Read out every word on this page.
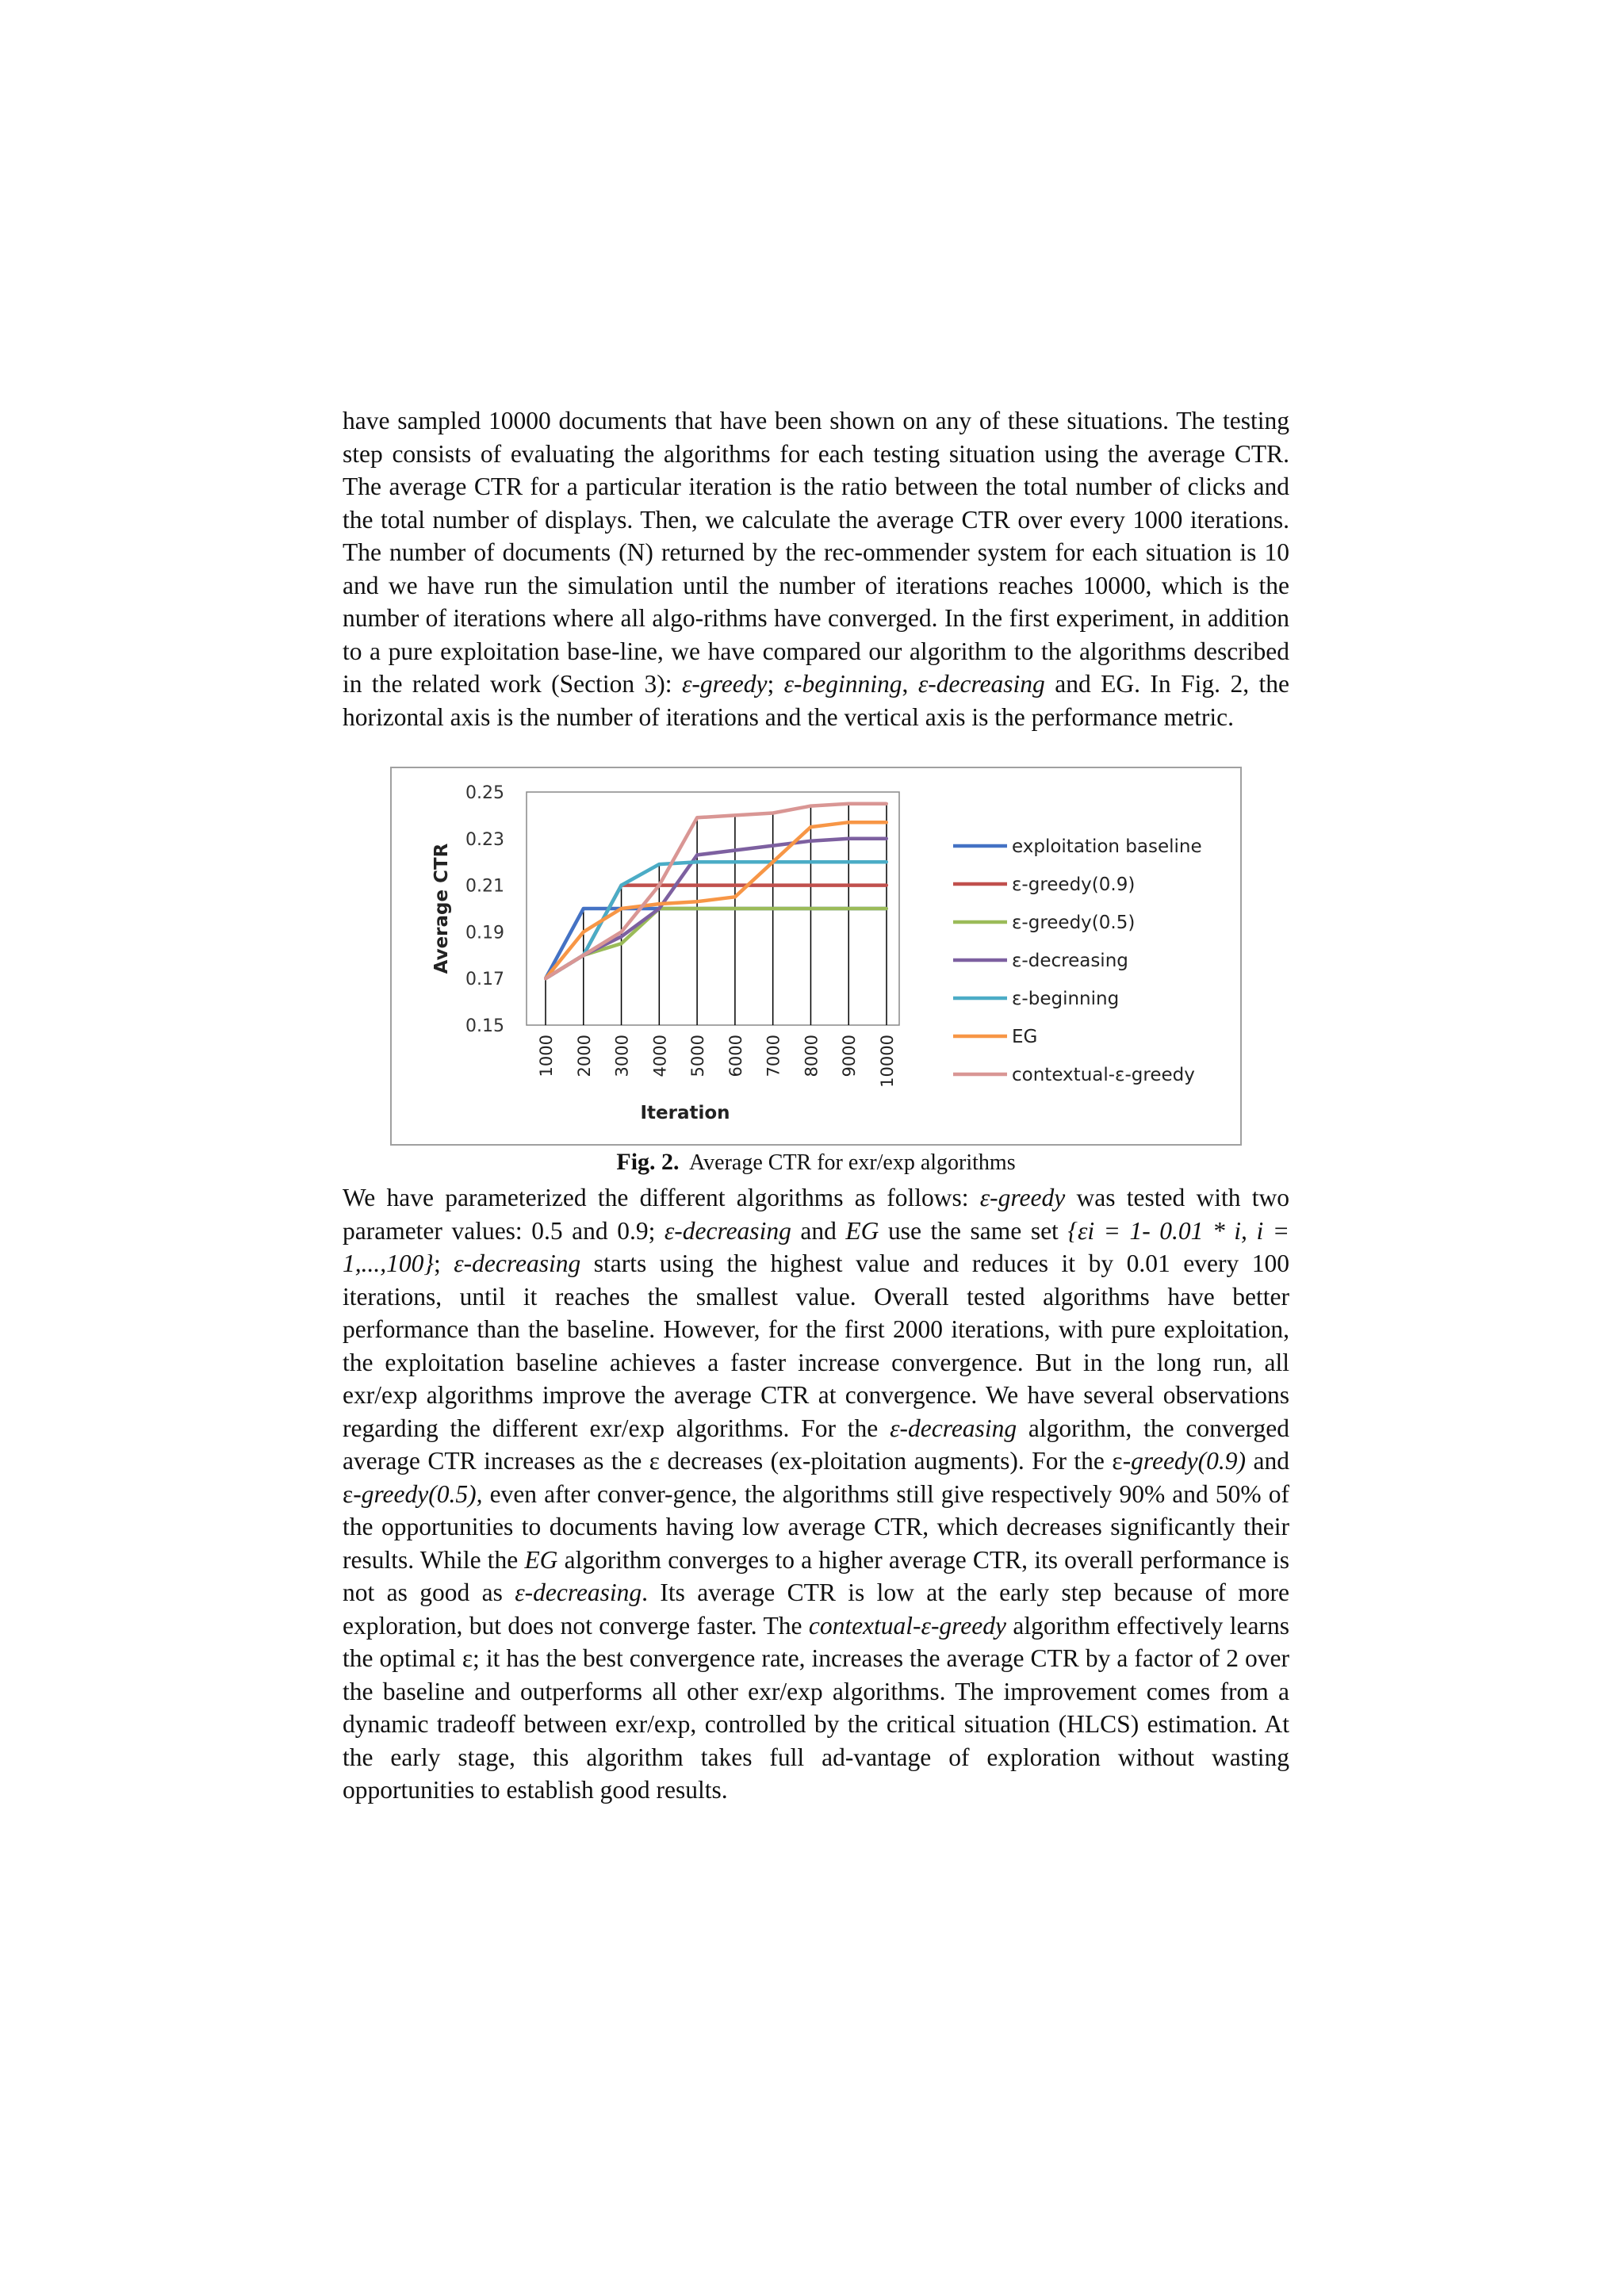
have sampled 10000 documents that have been shown on any of these situations. The testing step consists of evaluating the algorithms for each testing situation using the average CTR. The average CTR for a particular iteration is the ratio between the total number of clicks and the total number of displays. Then, we calculate the average CTR over every 1000 iterations. The number of documents (N) returned by the rec-ommender system for each situation is 10 and we have run the simulation until the number of iterations reaches 10000, which is the number of iterations where all algo-rithms have converged. In the first experiment, in addition to a pure exploitation base-line, we have compared our algorithm to the algorithms described in the related work (Section 3): ε-greedy; ε-beginning, ε-decreasing and EG. In Fig. 2, the horizontal axis is the number of iterations and the vertical axis is the performance metric.
0.25
0.23
0.21
0.19
0.17
0.15
1000 2000 3000 4000 5000 6000 7000 8000 9000 10000
Iteration
Average CTR	exploitation baseline
ε-greedy(0.9)
ε-greedy(0.5)
ε-decreasing
ε-beginning
EG
contextual-ε-greedy
Fig. 2. Average CTR for exr/exp algorithms
We have parameterized the different algorithms as follows: ε-greedy was tested with two parameter values: 0.5 and 0.9; ε-decreasing and EG use the same set {εi = 1- 0.01 * i, i = 1,...,100}; ε-decreasing starts using the highest value and reduces it by 0.01 every 100 iterations, until it reaches the smallest value. Overall tested algorithms have better performance than the baseline. However, for the first 2000 iterations, with pure exploitation, the exploitation baseline achieves a faster increase convergence. But in the long run, all exr/exp algorithms improve the average CTR at convergence. We have several observations regarding the different exr/exp algorithms. For the ε-decreasing algorithm, the converged average CTR increases as the ε decreases (ex-ploitation augments). For the ε-greedy(0.9) and ε-greedy(0.5), even after conver-gence, the algorithms still give respectively 90% and 50% of the opportunities to documents having low average CTR, which decreases significantly their results. While the EG algorithm converges to a higher average CTR, its overall performance is not as good as ε-decreasing. Its average CTR is low at the early step because of more exploration, but does not converge faster. The contextual-ε-greedy algorithm effectively learns the optimal ε; it has the best convergence rate, increases the average CTR by a factor of 2 over the baseline and outperforms all other exr/exp algorithms. The improvement comes from a dynamic tradeoff between exr/exp, controlled by the critical situation (HLCS) estimation. At the early stage, this algorithm takes full ad-vantage of exploration without wasting opportunities to establish good results.
